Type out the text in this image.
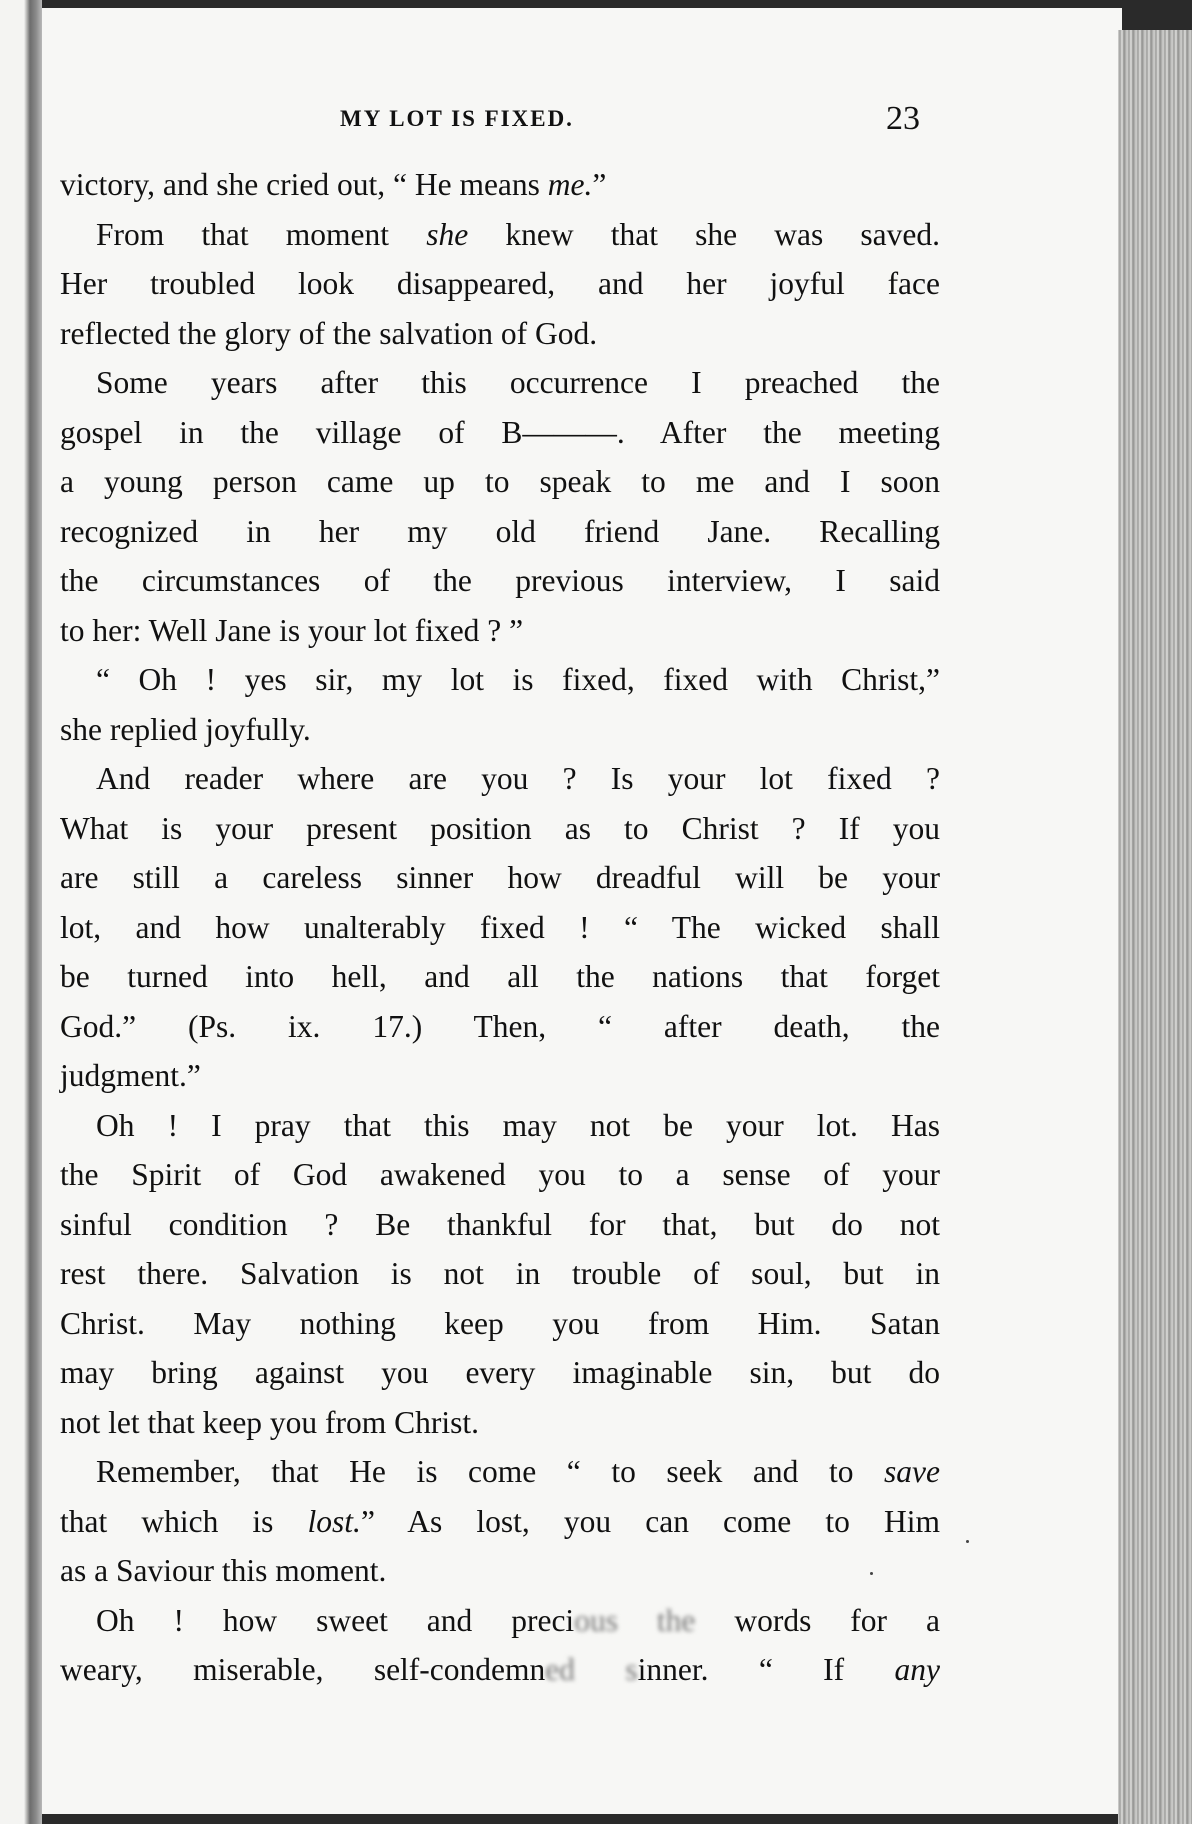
MY LOT IS FIXED.	23
victory, and she cried out, “ He means me.”
From that moment she knew that she was saved.
Her troubled look disappeared, and her joyful face
reflected the glory of the salvation of God.
Some years after this occurrence I preached the
gospel in the village of B———. After the meeting
a young person came up to speak to me and I soon
recognized in her my old friend Jane. Recalling
the circumstances of the previous interview, I said
to her: Well Jane is your lot fixed ? ”
“ Oh ! yes sir, my lot is fixed, fixed with Christ,”
she replied joyfully.
And reader where are you ? Is your lot fixed ?
What is your present position as to Christ ? If you
are still a careless sinner how dreadful will be your
lot, and how unalterably fixed ! “ The wicked shall
be turned into hell, and all the nations that forget
God.” (Ps. ix. 17.) Then, “ after death, the
judgment.”
Oh ! I pray that this may not be your lot. Has
the Spirit of God awakened you to a sense of your
sinful condition ? Be thankful for that, but do not
rest there. Salvation is not in trouble of soul, but in
Christ. May nothing keep you from Him. Satan
may bring against you every imaginable sin, but do
not let that keep you from Christ.
Remember, that He is come “ to seek and to save
that which is lost.” As lost, you can come to Him
as a Saviour this moment.
Oh ! how sweet and precious the words for a
weary, miserable, self-condemned sinner. “ If any
